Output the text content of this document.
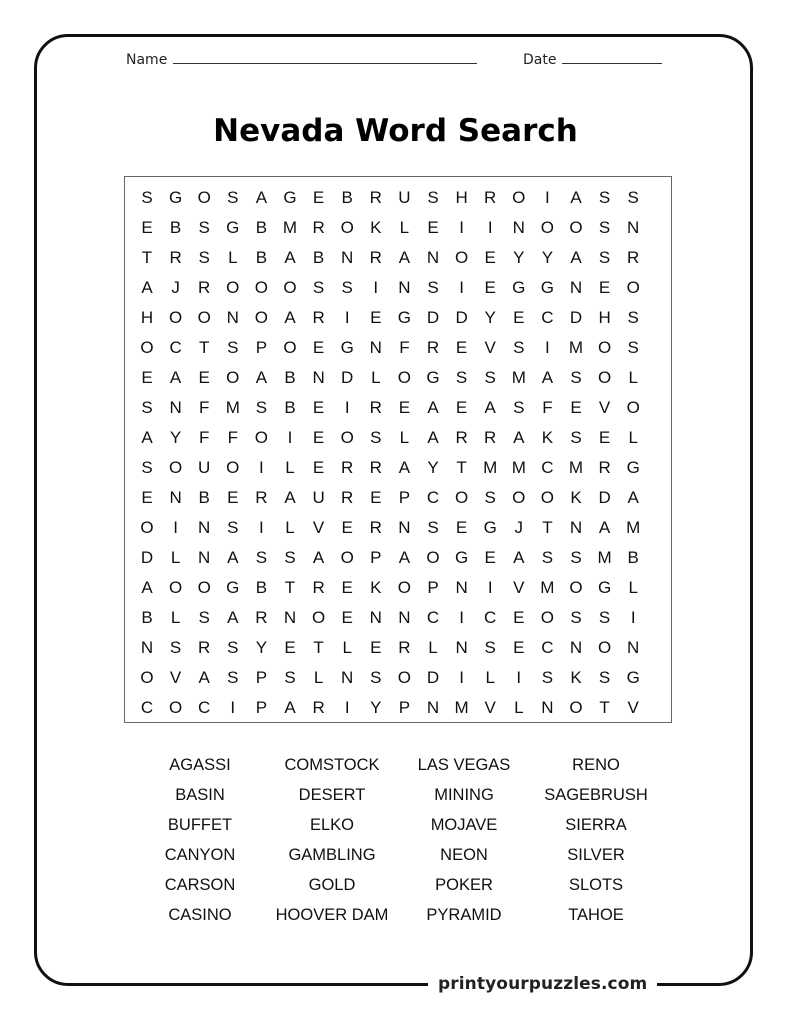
printyourpuzzles.com
Name	Date
Nevada Word Search
S G O S	A G E	B R U S H R O	I	A	S	S
E	B	S G B M R O K	L	E	I	I	N O O S N
T	R S	L	B	A	B N R A N O E	Y	Y	A	S R
A	J	R O O O S	S	I	N S	I	E G G N E O
H O O N O A R	I	E G D D Y	E C D H S
O C	T	S	P O E G N	F	R E	V	S	I	M O S
E	A	E O A	B N D	L	O G S	S M A	S O	L
S N	F M S	B	E	I	R E	A	E	A	S	F	E	V O
A	Y	F	F O	I	E O S	L	A R R A	K	S	E	L
S O U O	I	L	E R R A	Y	T M M C M R G
E N B	E R A U R E	P C O S O O K D A
O	I	N S	I	L	V	E R N S	E G	J	T	N A M
D	L	N A	S	S	A O P	A O G E	A	S	S M B
A O O G B	T	R E	K O P N	I	V M O G	L
B	L	S	A R N O E N N C	I	C E O S	S	I
N S R S	Y	E	T	L	E R	L	N S	E C N O N
O V	A	S	P	S	L	N S O D	I	L	I	S	K	S G
C O C	I	P	A R	I	Y	P N M V	L	N O T	V
AGASSI	COMSTOCK	LAS VEGAS	RENO
BASIN	DESERT	MINING	SAGEBRUSH
BUFFET	ELKO	MOJAVE	SIERRA
CANYON	GAMBLING	NEON	SILVER
CARSON	GOLD	POKER	SLOTS
CASINO	HOOVER DAM	PYRAMID	TAHOE
